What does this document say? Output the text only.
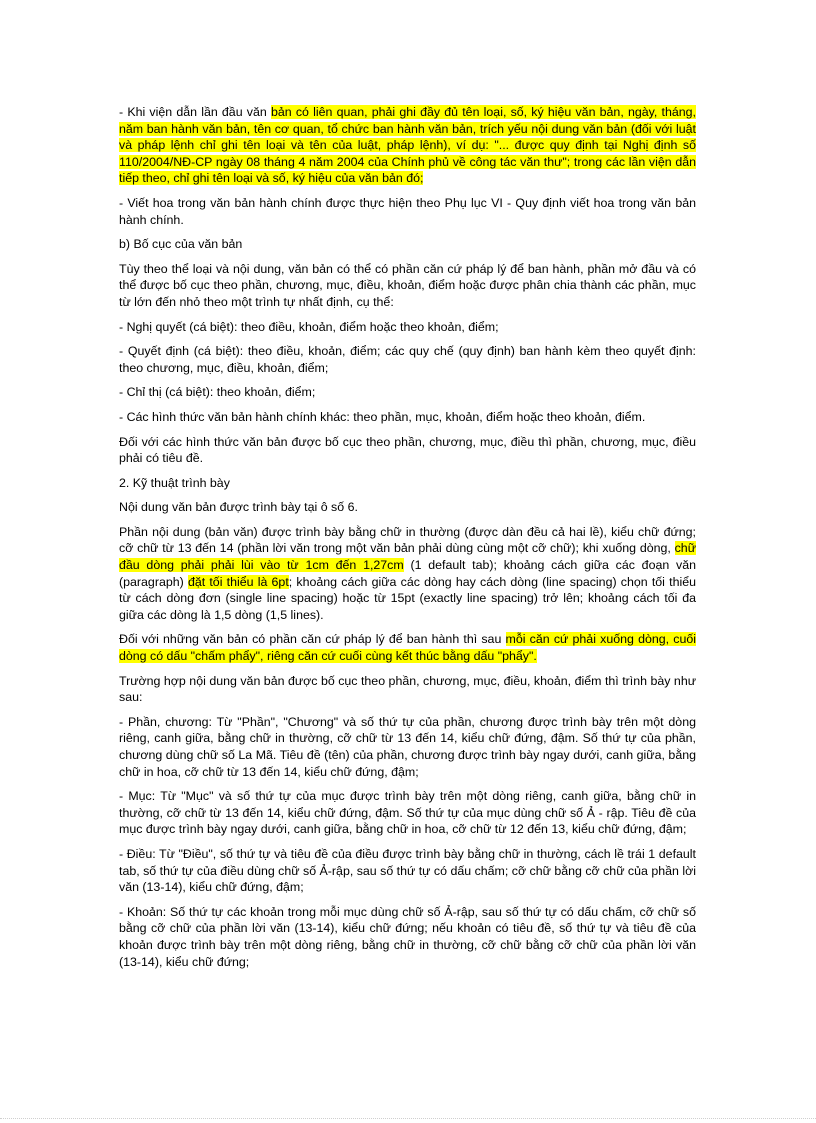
- Khi viện dẫn lần đầu văn bản có liên quan, phải ghi đầy đủ tên loại, số, ký hiệu văn bản, ngày, tháng, năm ban hành văn bản, tên cơ quan, tổ chức ban hành văn bản, trích yếu nội dung văn bản (đối với luật và pháp lệnh chỉ ghi tên loại và tên của luật, pháp lệnh), ví dụ: "... được quy định tại Nghị định số 110/2004/NĐ-CP ngày 08 tháng 4 năm 2004 của Chính phủ về công tác văn thư"; trong các lần viện dẫn tiếp theo, chỉ ghi tên loại và số, ký hiệu của văn bản đó;

- Viết hoa trong văn bản hành chính được thực hiện theo Phụ lục VI - Quy định viết hoa trong văn bản hành chính.

b) Bố cục của văn bản

Tùy theo thể loại và nội dung, văn bản có thể có phần căn cứ pháp lý để ban hành, phần mở đầu và có thể được bố cục theo phần, chương, mục, điều, khoản, điểm hoặc được phân chia thành các phần, mục từ lớn đến nhỏ theo một trình tự nhất định, cụ thể:

- Nghị quyết (cá biệt): theo điều, khoản, điểm hoặc theo khoản, điểm;

- Quyết định (cá biệt): theo điều, khoản, điểm; các quy chế (quy định) ban hành kèm theo quyết định: theo chương, mục, điều, khoản, điểm;

- Chỉ thị (cá biệt): theo khoản, điểm;

- Các hình thức văn bản hành chính khác: theo phần, mục, khoản, điểm hoặc theo khoản, điểm.

Đối với các hình thức văn bản được bố cục theo phần, chương, mục, điều thì phần, chương, mục, điều phải có tiêu đề.

2. Kỹ thuật trình bày

Nội dung văn bản được trình bày tại ô số 6.

Phần nội dung (bản văn) được trình bày bằng chữ in thường (được dàn đều cả hai lề), kiểu chữ đứng; cỡ chữ từ 13 đến 14 (phần lời văn trong một văn bản phải dùng cùng một cỡ chữ); khi xuống dòng, chữ đầu dòng phải phải lùi vào từ 1cm đến 1,27cm (1 default tab); khoảng cách giữa các đoạn văn (paragraph) đặt tối thiểu là 6pt; khoảng cách giữa các dòng hay cách dòng (line spacing) chọn tối thiểu từ cách dòng đơn (single line spacing) hoặc từ 15pt (exactly line spacing) trở lên; khoảng cách tối đa giữa các dòng là 1,5 dòng (1,5 lines).

Đối với những văn bản có phần căn cứ pháp lý để ban hành thì sau mỗi căn cứ phải xuống dòng, cuối dòng có dấu "chấm phẩy", riêng căn cứ cuối cùng kết thúc bằng dấu "phẩy".

Trường hợp nội dung văn bản được bố cục theo phần, chương, mục, điều, khoản, điểm thì trình bày như sau:

- Phần, chương: Từ "Phần", "Chương" và số thứ tự của phần, chương được trình bày trên một dòng riêng, canh giữa, bằng chữ in thường, cỡ chữ từ 13 đến 14, kiểu chữ đứng, đậm. Số thứ tự của phần, chương dùng chữ số La Mã. Tiêu đề (tên) của phần, chương được trình bày ngay dưới, canh giữa, bằng chữ in hoa, cỡ chữ từ 13 đến 14, kiểu chữ đứng, đậm;

- Mục: Từ "Mục" và số thứ tự của mục được trình bày trên một dòng riêng, canh giữa, bằng chữ in thường, cỡ chữ từ 13 đến 14, kiểu chữ đứng, đậm. Số thứ tự của mục dùng chữ số Ả - rập. Tiêu đề của mục được trình bày ngay dưới, canh giữa, bằng chữ in hoa, cỡ chữ từ 12 đến 13, kiểu chữ đứng, đậm;

- Điều: Từ "Điều", số thứ tự và tiêu đề của điều được trình bày bằng chữ in thường, cách lề trái 1 default tab, số thứ tự của điều dùng chữ số Ả-rập, sau số thứ tự có dấu chấm; cỡ chữ bằng cỡ chữ của phần lời văn (13-14), kiểu chữ đứng, đậm;

- Khoản: Số thứ tự các khoản trong mỗi mục dùng chữ số Ả-rập, sau số thứ tự có dấu chấm, cỡ chữ số bằng cỡ chữ của phần lời văn (13-14), kiểu chữ đứng; nếu khoản có tiêu đề, số thứ tự và tiêu đề của khoản được trình bày trên một dòng riêng, bằng chữ in thường, cỡ chữ bằng cỡ chữ của phần lời văn (13-14), kiểu chữ đứng;
